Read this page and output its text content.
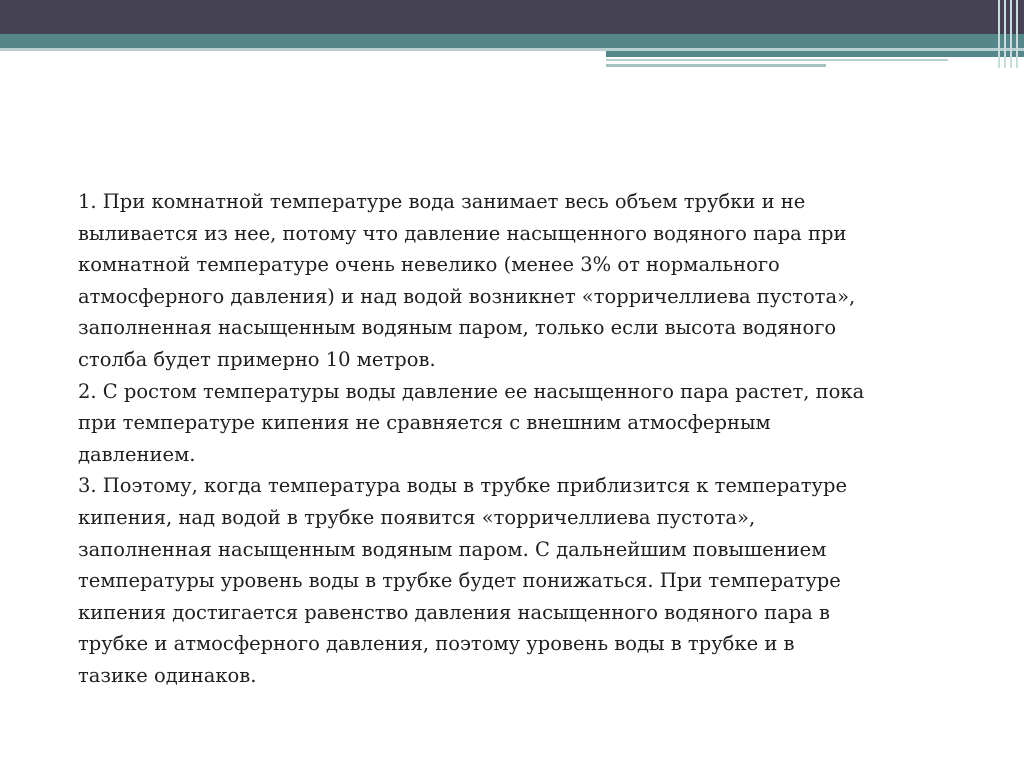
1. При комнатной температуре вода занимает весь объем трубки и не

выливается из нее, потому что давление насыщенного водяного пара при

комнатной температуре очень невелико (менее 3% от нормального

атмосферного давления) и над водой возникнет «торричеллиева пустота»,

заполненная насыщенным водяным паром, только если высота водяного

столба будет примерно 10 метров.

2. С ростом температуры воды давление ее насыщенного пара растет, пока

при температуре кипения не сравняется с внешним атмосферным

давлением.

3. Поэтому, когда температура воды в трубке приблизится к температуре

кипения, над водой в трубке появится «торричеллиева пустота»,

заполненная насыщенным водяным паром. С дальнейшим повышением

температуры уровень воды в трубке будет понижаться. При температуре

кипения достигается равенство давления насыщенного водяного пара в

трубке и атмосферного давления, поэтому уровень воды в трубке и в

тазике одинаков.
